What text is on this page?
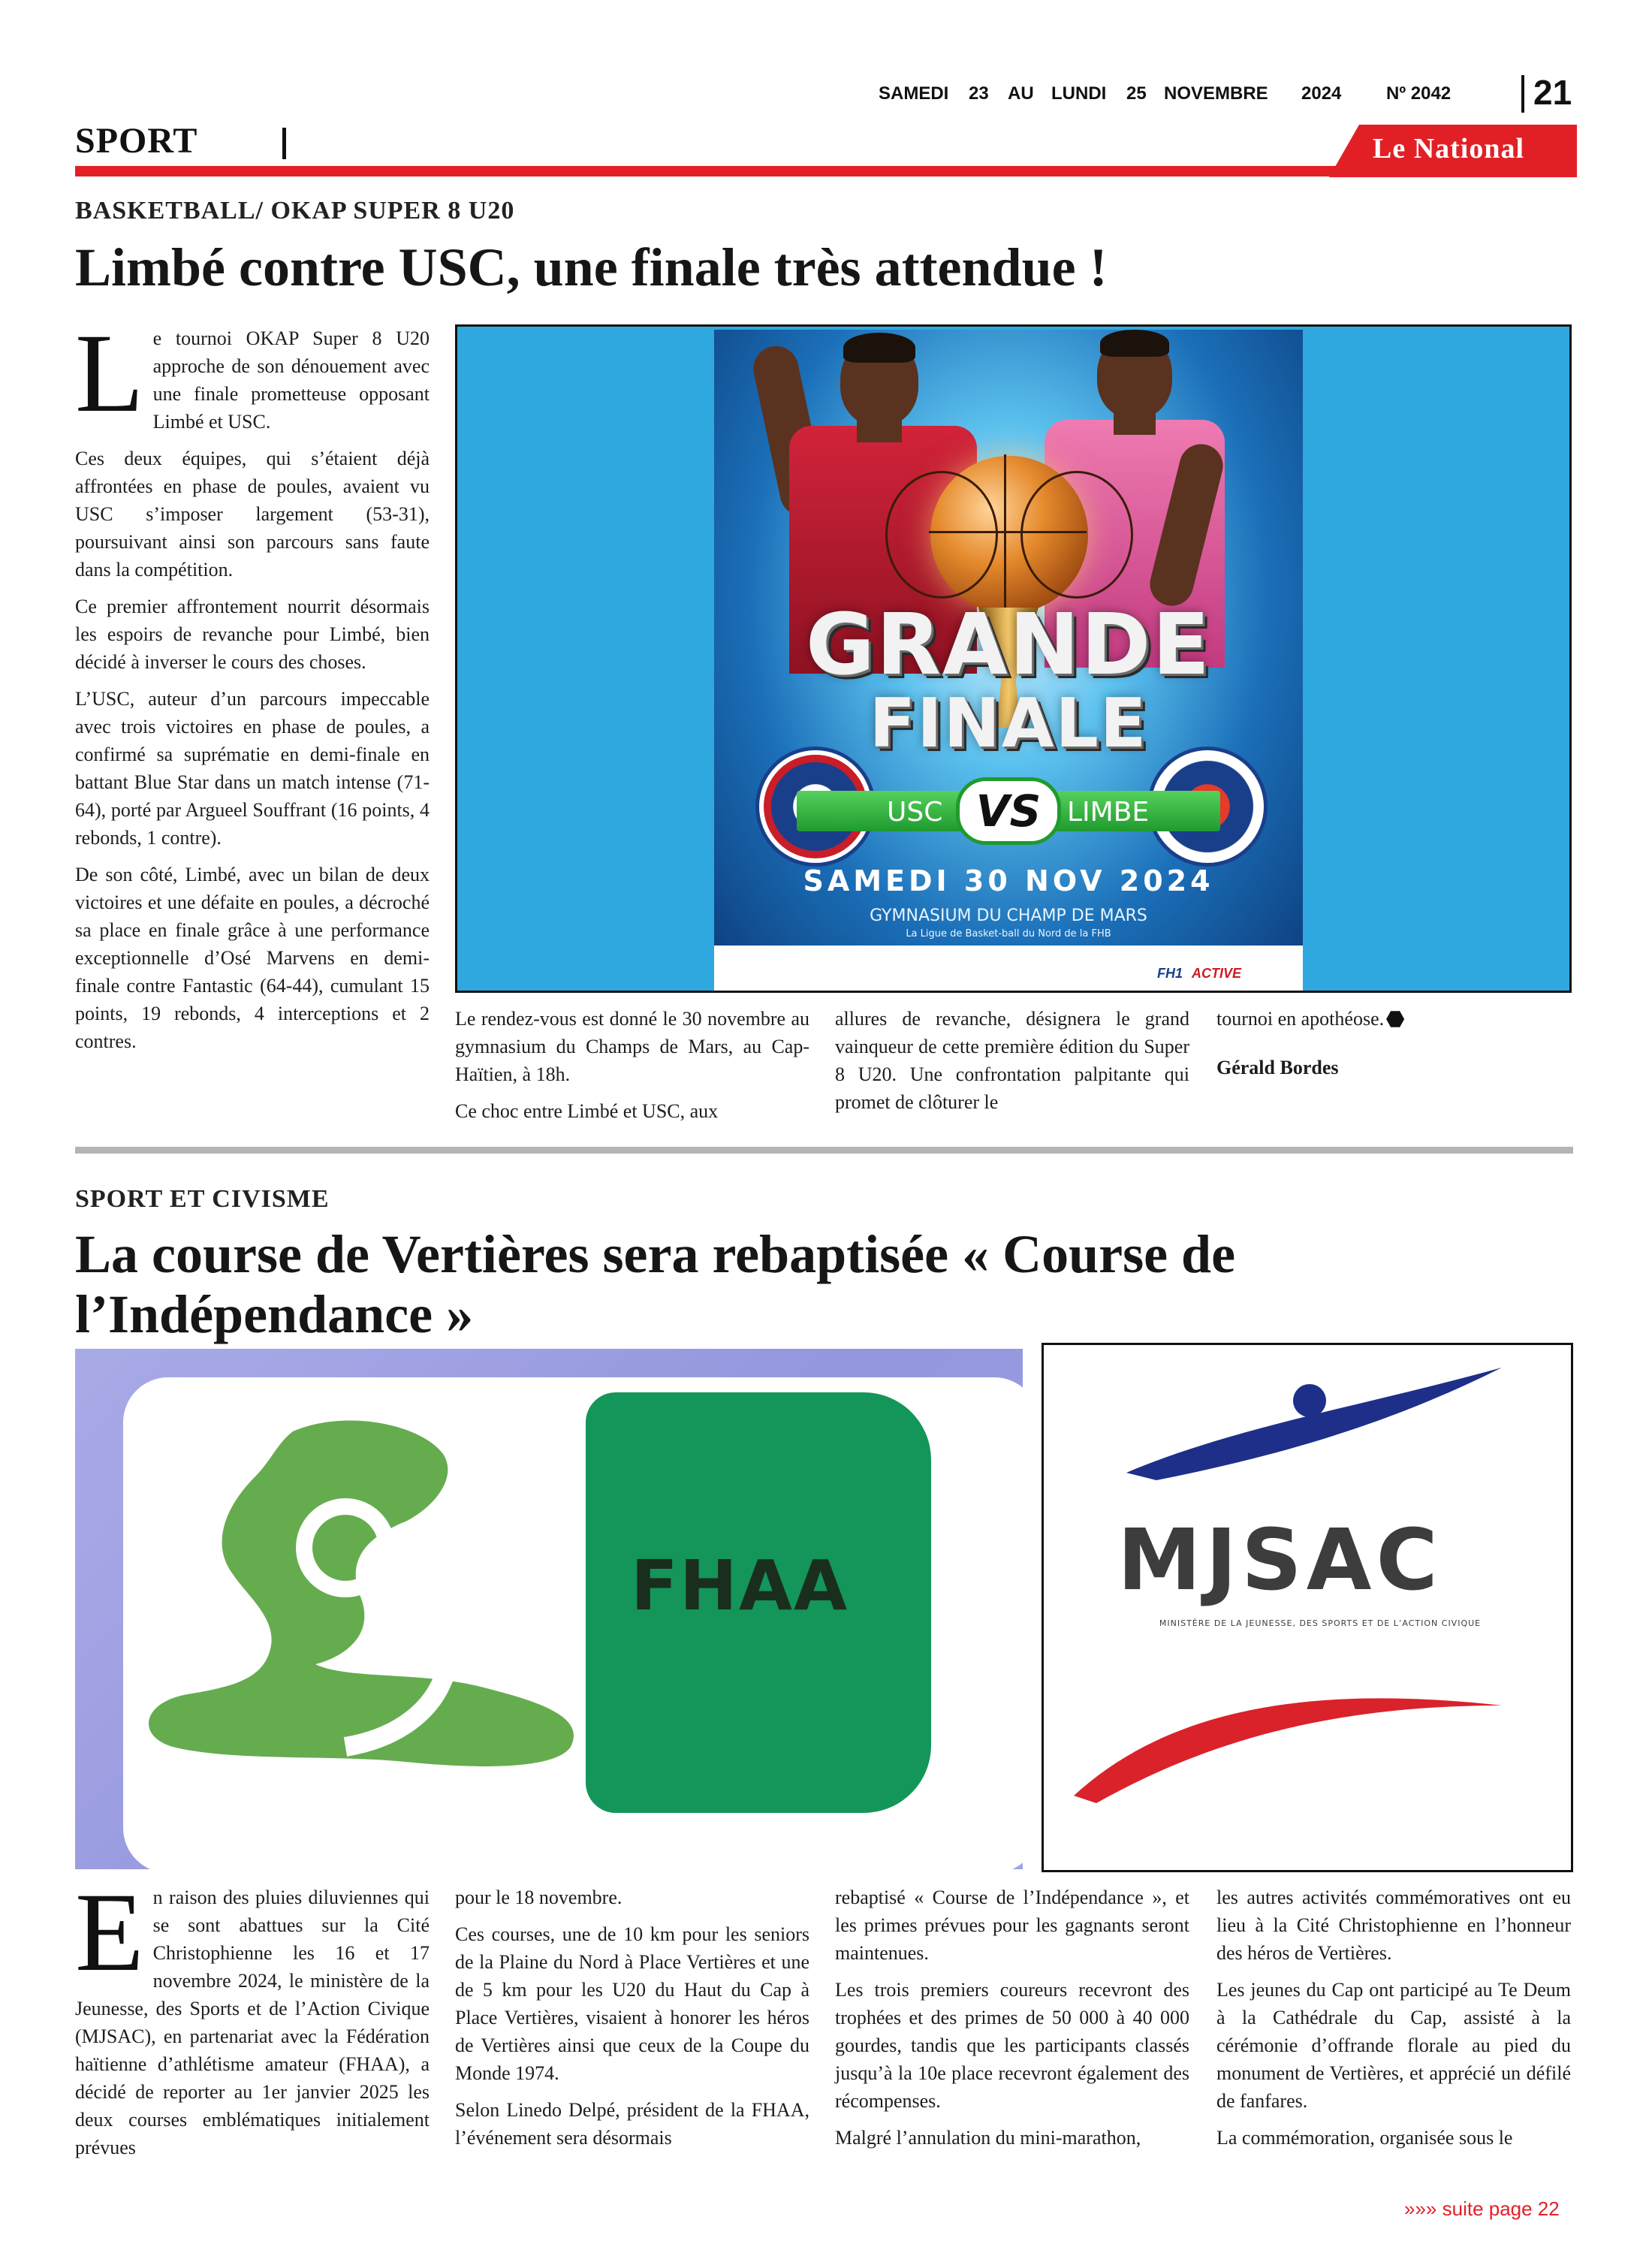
SAMEDI 23 AU LUNDI 25 NOVEMBRE 2024 Nº 2042 21
SPORT	Le National
BASKETBALL/ OKAP SUPER 8 U20
Limbé contre USC, une finale très attendue !

Le tournoi OKAP Super 8 U20 approche de son dénouement avec une finale prometteuse opposant Limbé et USC.

Ces deux équipes, qui s’étaient déjà affrontées en phase de poules, avaient vu USC s’imposer largement (53-31), poursuivant ainsi son parcours sans faute dans la compétition.

Ce premier affrontement nourrit désormais les espoirs de revanche pour Limbé, bien décidé à inverser le cours des choses.

L’USC, auteur d’un parcours impeccable avec trois victoires en phase de poules, a confirmé sa suprématie en demi-finale en battant Blue Star dans un match intense (71-64), porté par Argueel Souffrant (16 points, 4 rebonds, 1 contre).

De son côté, Limbé, avec un bilan de deux victoires et une défaite en poules, a décroché sa place en finale grâce à une performance exceptionnelle d’Osé Marvens en demi-finale contre Fantastic (64-44), cumulant 15 points, 19 rebonds, 4 interceptions et 2 contres.

GRANDE
FINALE
USC VS LIMBE
SAMEDI 30 NOV 2024
GYMNASIUM DU CHAMP DE MARS
La Ligue de Basket-ball du Nord de la FHB
FH1 ACTIVE

Le rendez-vous est donné le 30 novembre au gymnasium du Champs de Mars, au Cap-Haïtien, à 18h.

Ce choc entre Limbé et USC, aux

allures de revanche, désignera le grand vainqueur de cette première édition du Super 8 U20. Une confrontation palpitante qui promet de clôturer le

tournoi en apothéose.

Gérald Bordes

SPORT ET CIVISME
La course de Vertières sera rebaptisée « Course de l’Indépendance »
FHAA	MJSAC
MINISTÈRE DE LA JEUNESSE, DES SPORTS ET DE L’ACTION CIVIQUE

En raison des pluies diluviennes qui se sont abattues sur la Cité Christophienne les 16 et 17 novembre 2024, le ministère de la Jeunesse, des Sports et de l’Action Civique (MJSAC), en partenariat avec la Fédération haïtienne d’athlétisme amateur (FHAA), a décidé de reporter au 1er janvier 2025 les deux courses emblématiques initialement prévues

pour le 18 novembre.

Ces courses, une de 10 km pour les seniors de la Plaine du Nord à Place Vertières et une de 5 km pour les U20 du Haut du Cap à Place Vertières, visaient à honorer les héros de Vertières ainsi que ceux de la Coupe du Monde 1974.

Selon Linedo Delpé, président de la FHAA, l’événement sera désormais

rebaptisé « Course de l’Indépendance », et les primes prévues pour les gagnants seront maintenues.

Les trois premiers coureurs recevront des trophées et des primes de 50 000 à 40 000 gourdes, tandis que les participants classés jusqu’à la 10e place recevront également des récompenses.

Malgré l’annulation du mini-marathon,

les autres activités commémoratives ont eu lieu à la Cité Christophienne en l’honneur des héros de Vertières.

Les jeunes du Cap ont participé au Te Deum à la Cathédrale du Cap, assisté à la cérémonie d’offrande florale au pied du monument de Vertières, et apprécié un défilé de fanfares.

La commémoration, organisée sous le

»»» suite page 22
